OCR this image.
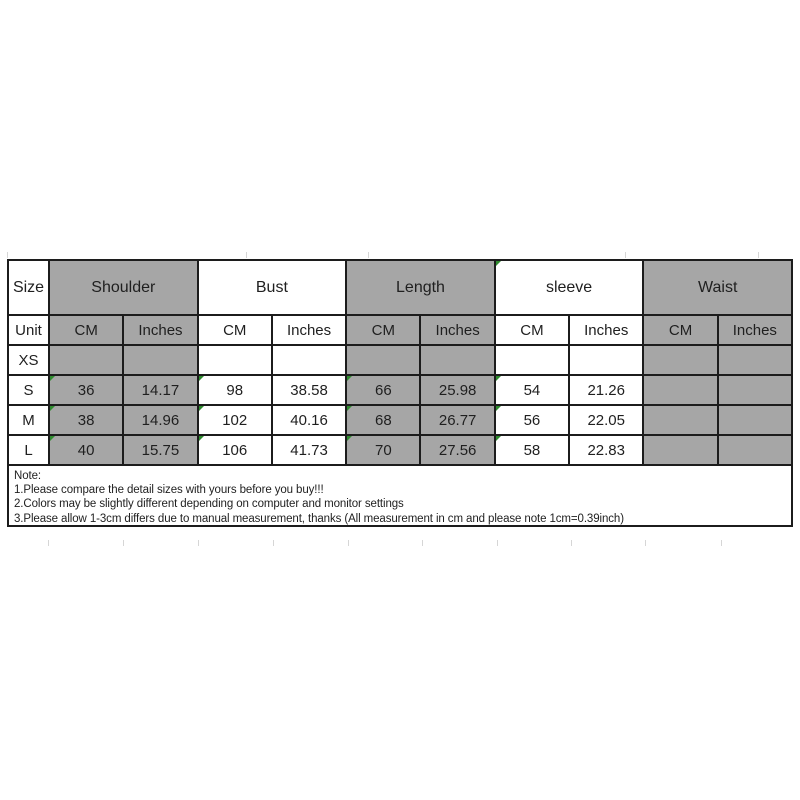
Size	Shoulder		Bust		Length		sleeve		Waist	
Unit	CM	Inches	CM	Inches	CM	Inches	CM	Inches	CM	Inches
XS										
S	36	14.17	98	38.58	66	25.98	54	21.26		
M	38	14.96	102	40.16	68	26.77	56	22.05		
L	40	15.75	106	41.73	70	27.56	58	22.83		
Note:
1.Please compare the detail sizes with yours before you buy!!!
2.Colors may be slightly different depending on computer and monitor settings
3.Please allow 1-3cm differs due to manual measurement, thanks (All measurement in cm and please note 1cm=0.39inch)
